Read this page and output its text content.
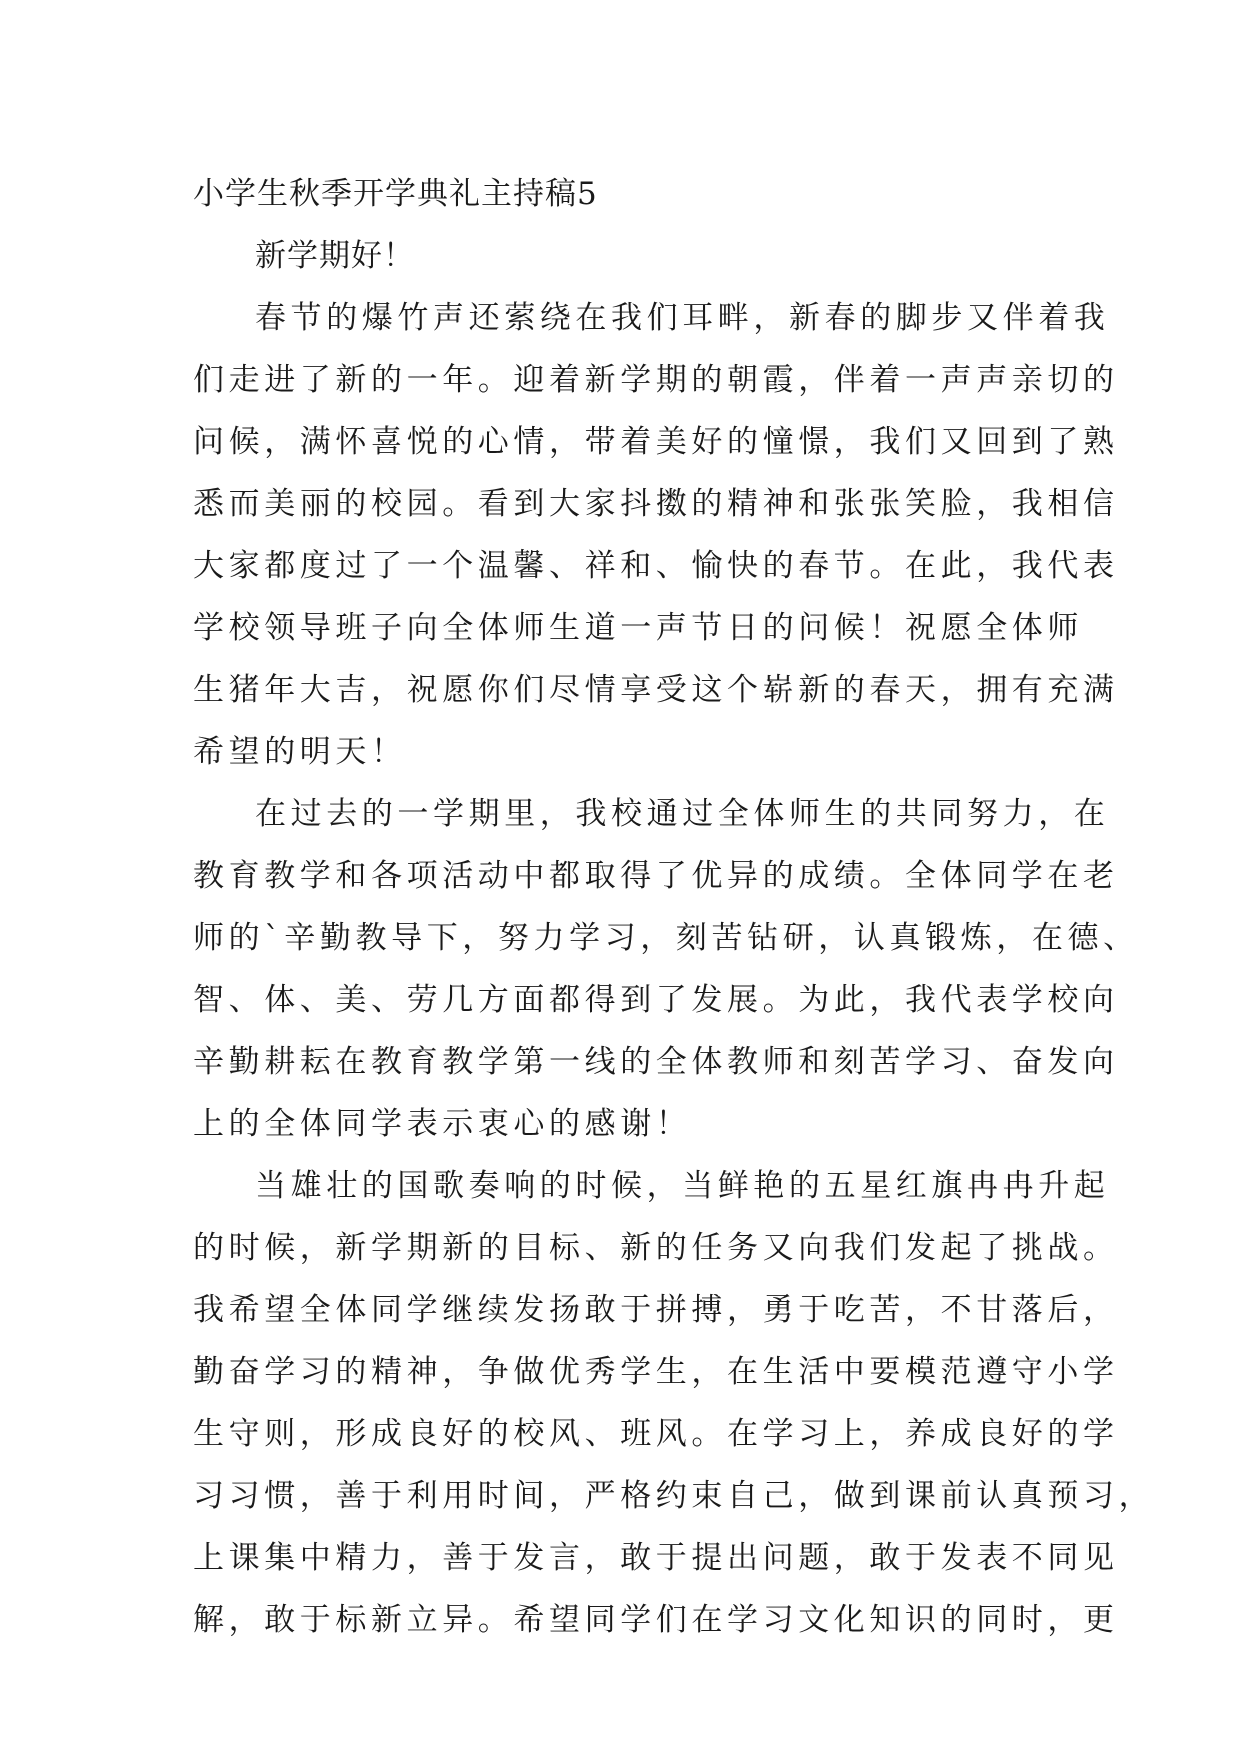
小学生秋季开学典礼主持稿5

新学期好！

春节的爆竹声还萦绕在我们耳畔，新春的脚步又伴着我
们走进了新的一年。迎着新学期的朝霞，伴着一声声亲切的
问候，满怀喜悦的心情，带着美好的憧憬，我们又回到了熟
悉而美丽的校园。看到大家抖擞的精神和张张笑脸，我相信
大家都度过了一个温馨、祥和、愉快的春节。在此，我代表
学校领导班子向全体师生道一声节日的问候！祝愿全体师
生猪年大吉，祝愿你们尽情享受这个崭新的春天，拥有充满
希望的明天！
在过去的一学期里，我校通过全体师生的共同努力，在
教育教学和各项活动中都取得了优异的成绩。全体同学在老
师的`辛勤教导下，努力学习，刻苦钻研，认真锻炼，在德、
智、体、美、劳几方面都得到了发展。为此，我代表学校向
辛勤耕耘在教育教学第一线的全体教师和刻苦学习、奋发向
上的全体同学表示衷心的感谢！
当雄壮的国歌奏响的时候，当鲜艳的五星红旗冉冉升起
的时候，新学期新的目标、新的任务又向我们发起了挑战。
我希望全体同学继续发扬敢于拼搏，勇于吃苦，不甘落后，
勤奋学习的精神，争做优秀学生，在生活中要模范遵守小学
生守则，形成良好的校风、班风。在学习上，养成良好的学
习习惯，善于利用时间，严格约束自己，做到课前认真预习，
上课集中精力，善于发言，敢于提出问题，敢于发表不同见
解，敢于标新立异。希望同学们在学习文化知识的同时，更
